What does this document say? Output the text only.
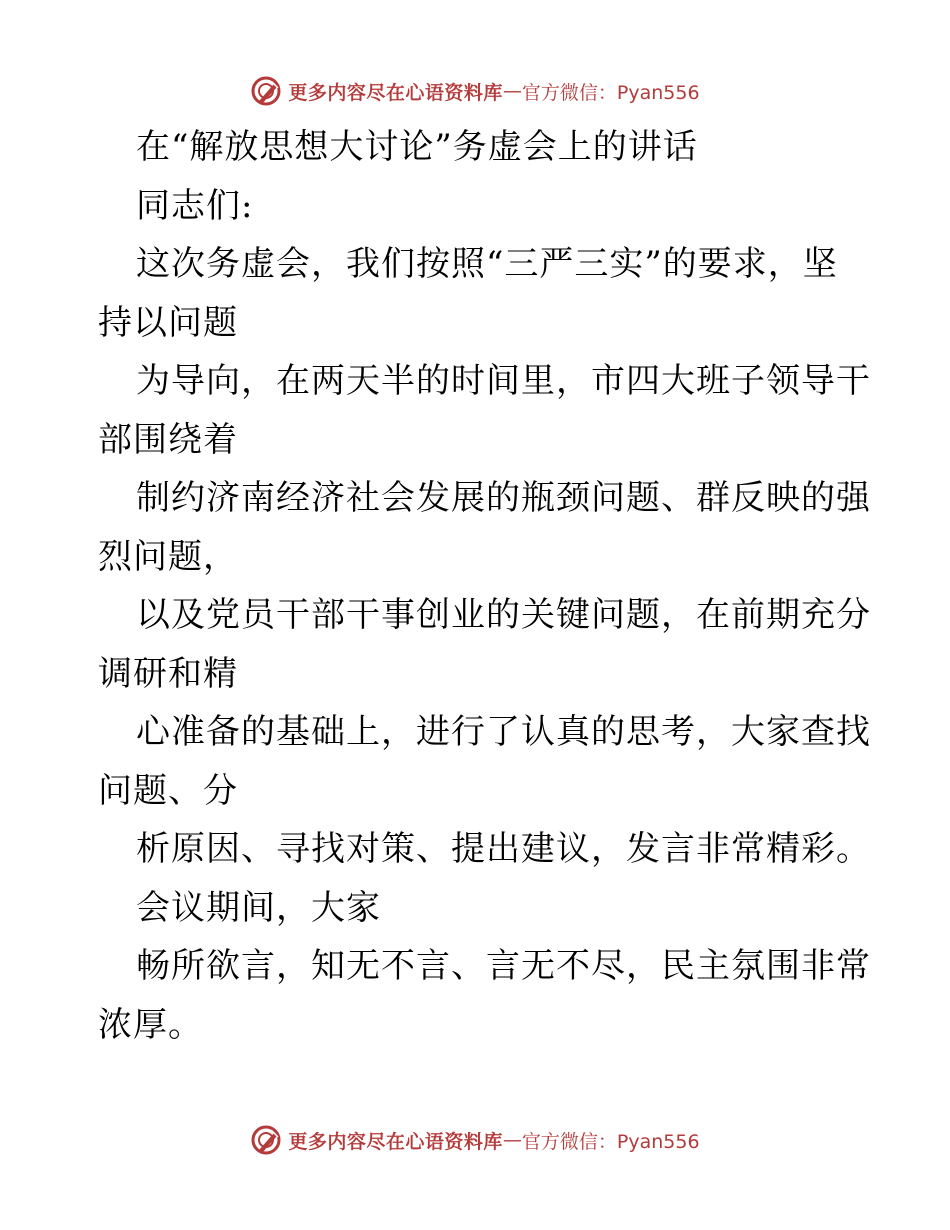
更多内容尽在心语资料库 — 官方微信：Pyan556

在“解放思想大讨论”务虚会上的讲话

同志们:

这次务虚会，我们按照“三严三实”的要求，坚

持以问题

为导向，在两天半的时间里，市四大班子领导干

部围绕着

制约济南经济社会发展的瓶颈问题、群反映的强

烈问题，

以及党员干部干事创业的关键问题，在前期充分

调研和精

心准备的基础上，进行了认真的思考，大家查找

问题、分

析原因、寻找对策、提出建议，发言非常精彩。

会议期间，大家

畅所欲言，知无不言、言无不尽，民主氛围非常

浓厚。

更多内容尽在心语资料库 — 官方微信：Pyan556
